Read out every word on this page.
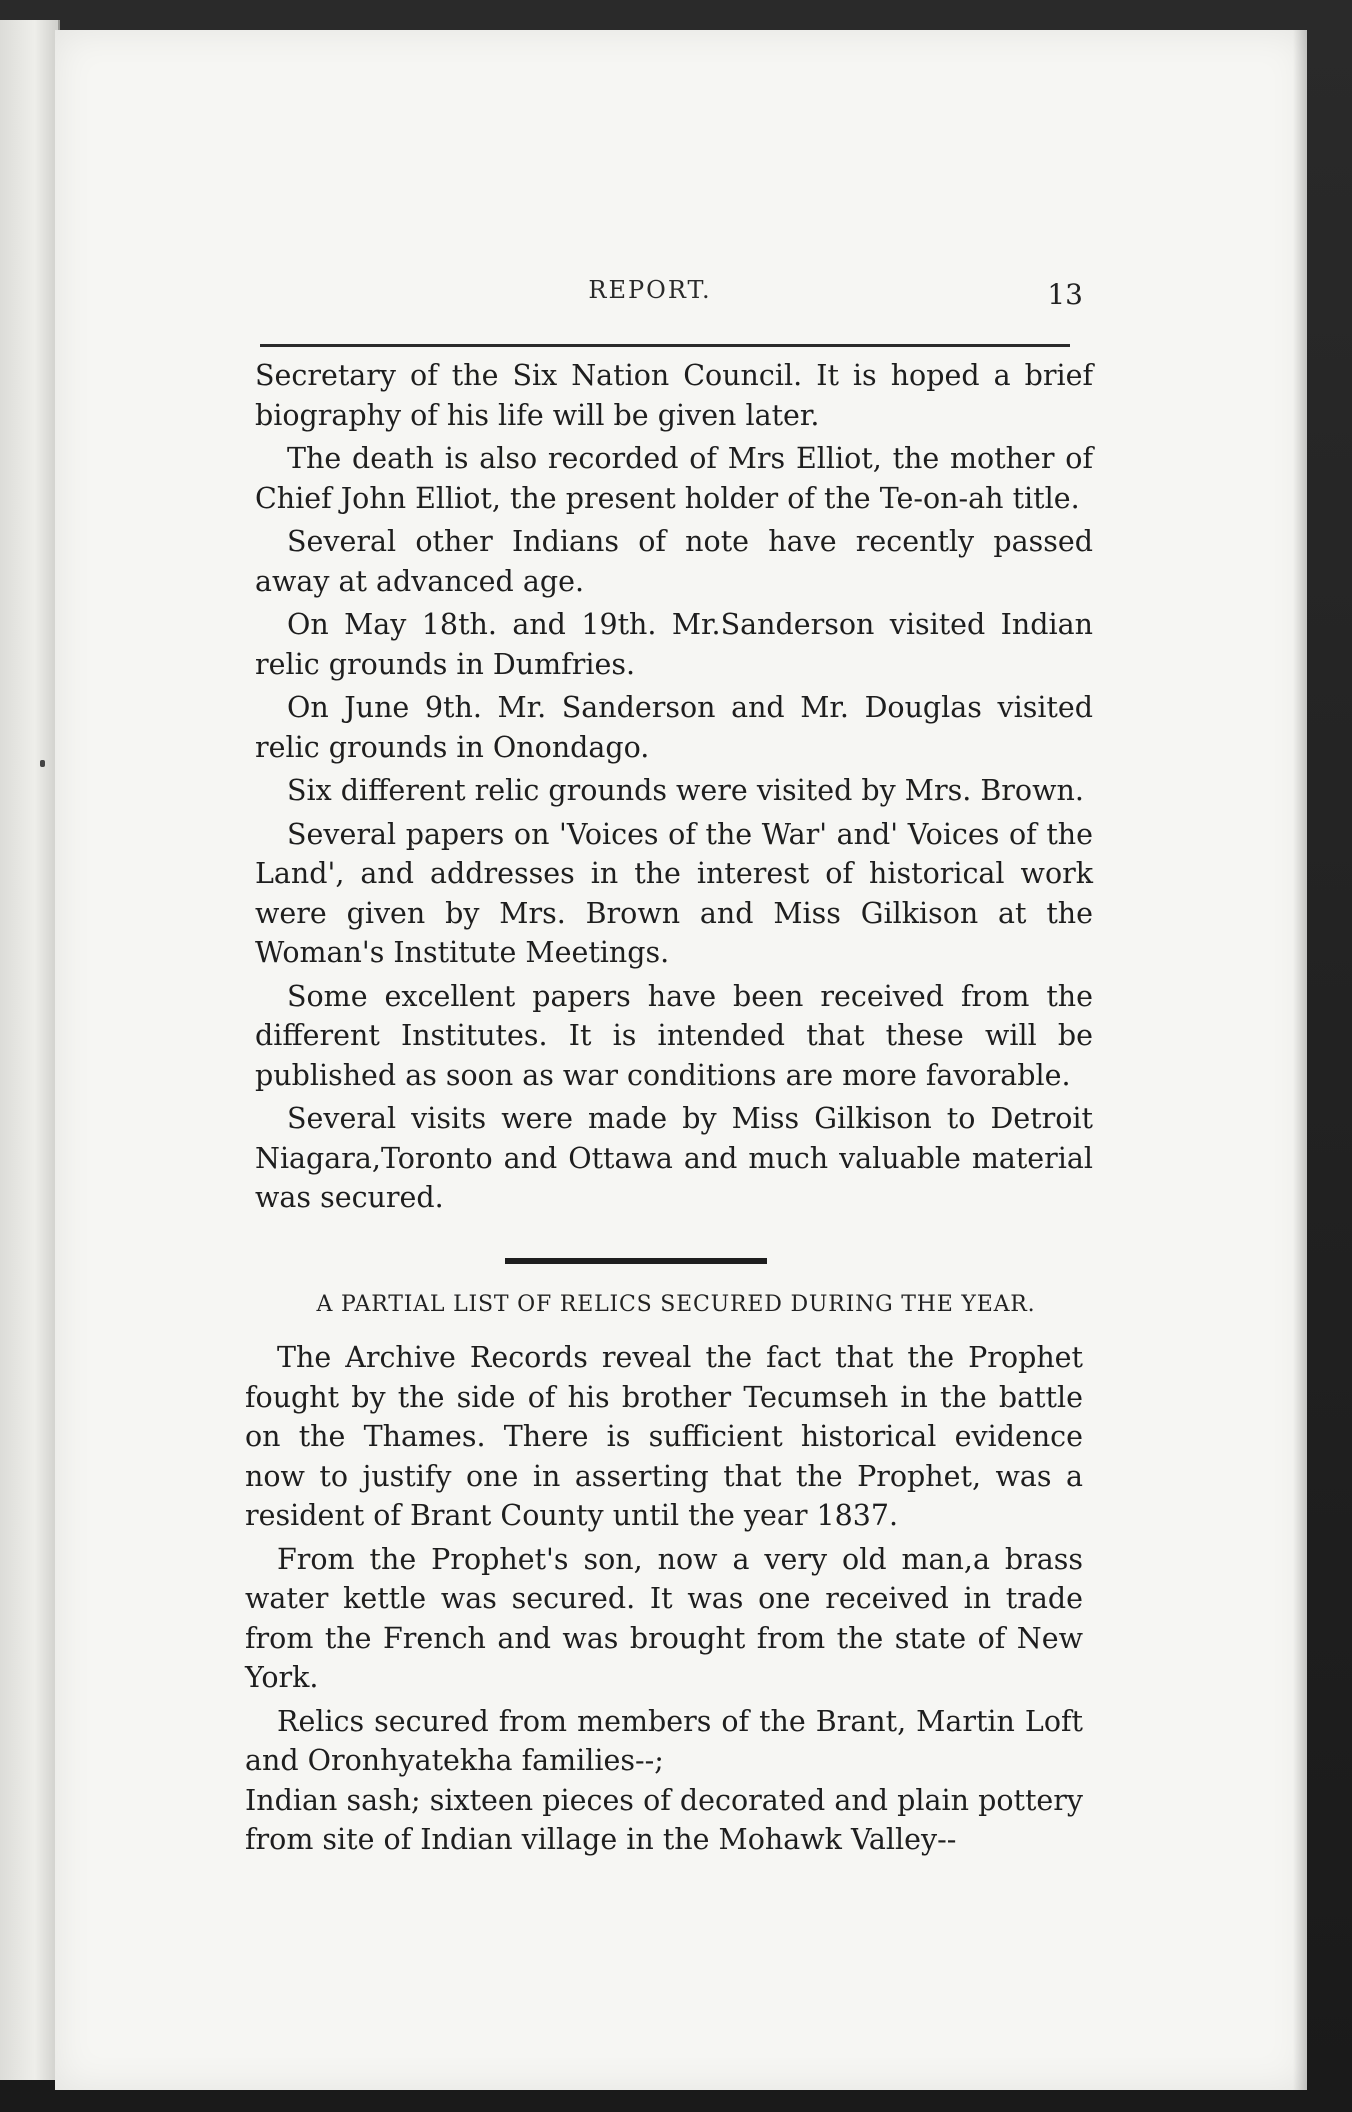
REPORT.	13

Secretary of the Six Nation Council. It is hoped a brief biography of his life will be given later.

The death is also recorded of Mrs Elliot, the mother of Chief John Elliot, the present holder of the Te-on-ah title.

Several other Indians of note have recently passed away at advanced age.

On May 18th. and 19th. Mr.Sanderson visited Indian relic grounds in Dumfries.

On June 9th. Mr. Sanderson and Mr. Douglas visited relic grounds in Onondago.

Six different relic grounds were visited by Mrs. Brown.

Several papers on 'Voices of the War' and' Voices of the Land', and addresses in the interest of historical work were given by Mrs. Brown and Miss Gilkison at the Woman's Institute Meetings.

Some excellent papers have been received from the different Institutes. It is intended that these will be published as soon as war conditions are more favorable.

Several visits were made by Miss Gilkison to Detroit Niagara,Toronto and Ottawa and much valuable material was secured.

A PARTIAL LIST OF RELICS SECURED DURING THE YEAR.

The Archive Records reveal the fact that the Prophet fought by the side of his brother Tecumseh in the battle on the Thames. There is sufficient historical evidence now to justify one in asserting that the Prophet, was a resident of Brant County until the year 1837.

From the Prophet's son, now a very old man,a brass water kettle was secured. It was one received in trade from the French and was brought from the state of New York.

Relics secured from members of the Brant, Martin Loft and Oronhyatekha families--;

Indian sash; sixteen pieces of decorated and plain pottery from site of Indian village in the Mohawk Valley--
